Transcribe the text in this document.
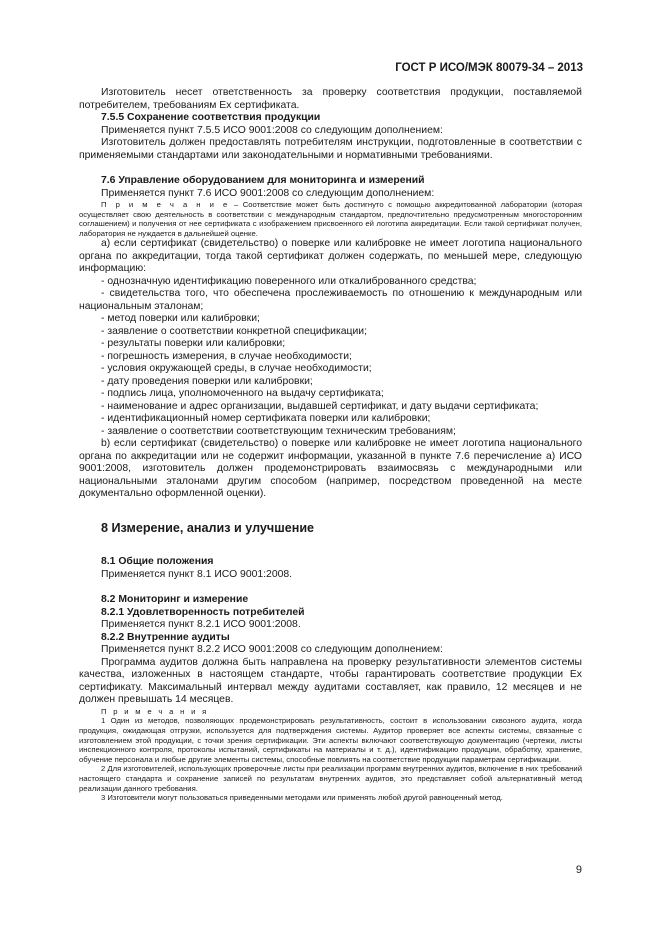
ГОСТ Р ИСО/МЭК 80079-34 – 2013

Изготовитель несет ответственность за проверку соответствия продукции, поставляемой потребителем, требованиям Ex сертификата.

7.5.5 Сохранение соответствия продукции

Применяется пункт 7.5.5 ИСО 9001:2008 со следующим дополнением:

Изготовитель должен предоставлять потребителям инструкции, подготовленные в соответствии с применяемыми стандартами или законодательными и нормативными требованиями.

7.6 Управление оборудованием для мониторинга и измерений

Применяется пункт 7.6 ИСО 9001:2008 со следующим дополнением:

П р и м е ч а н и е – Соответствие может быть достигнуто с помощью аккредитованной лаборатории (которая осуществляет свою деятельность в соответствии с международным стандартом, предпочтительно предусмотренным многосторонним соглашением) и получения от нее сертификата с изображением присвоенного ей логотипа аккредитации. Если такой сертификат получен, лаборатория не нуждается в дальнейшей оценке.

а) если сертификат (свидетельство) о поверке или калибровке не имеет логотипа национального органа по аккредитации, тогда такой сертификат должен содержать, по меньшей мере, следующую информацию:

- однозначную идентификацию поверенного или откалиброванного средства;

- свидетельства того, что обеспечена прослеживаемость по отношению к международным или национальным эталонам;

- метод поверки или калибровки;

- заявление о соответствии конкретной спецификации;

- результаты поверки или калибровки;

- погрешность измерения, в случае необходимости;

- условия окружающей среды, в случае необходимости;

- дату проведения поверки или калибровки;

- подпись лица, уполномоченного на выдачу сертификата;

- наименование и адрес организации, выдавшей сертификат, и дату выдачи сертификата;

- идентификационный номер сертификата поверки или калибровки;

- заявление о соответствии соответствующим техническим требованиям;

b) если сертификат (свидетельство) о поверке или калибровке не имеет логотипа национального органа по аккредитации или не содержит информации, указанной в пункте 7.6 перечисление а) ИСО 9001:2008, изготовитель должен продемонстрировать взаимосвязь с международными или национальными эталонами другим способом (например, посредством проведенной на месте документально оформленной оценки).

8 Измерение, анализ и улучшение

8.1 Общие положения

Применяется пункт 8.1 ИСО 9001:2008.

8.2 Мониторинг и измерение

8.2.1 Удовлетворенность потребителей

Применяется пункт 8.2.1 ИСО 9001:2008.

8.2.2 Внутренние аудиты

Применяется пункт 8.2.2 ИСО 9001:2008 со следующим дополнением:

Программа аудитов должна быть направлена на проверку результативности элементов системы качества, изложенных в настоящем стандарте, чтобы гарантировать соответствие продукции Ex сертификату. Максимальный интервал между аудитами составляет, как правило, 12 месяцев и не должен превышать 14 месяцев.

П р и м е ч а н и я

1 Один из методов, позволяющих продемонстрировать результативность, состоит в использовании сквозного аудита, когда продукция, ожидающая отгрузки, используется для подтверждения системы. Аудитор проверяет все аспекты системы, связанные с изготовлением этой продукции, с точки зрения сертификации. Эти аспекты включают соответствующую документацию (чертежи, листы инспекционного контроля, протоколы испытаний, сертификаты на материалы и т. д.), идентификацию продукции, обработку, хранение, обучение персонала и любые другие элементы системы, способные повлиять на соответствие продукции параметрам сертификации.

2 Для изготовителей, использующих проверочные листы при реализации программ внутренних аудитов, включение в них требований настоящего стандарта и сохранение записей по результатам внутренних аудитов, это представляет собой альтернативный метод реализации данного требования.

3 Изготовители могут пользоваться приведенными методами или применять любой другой равноценный метод.

9
